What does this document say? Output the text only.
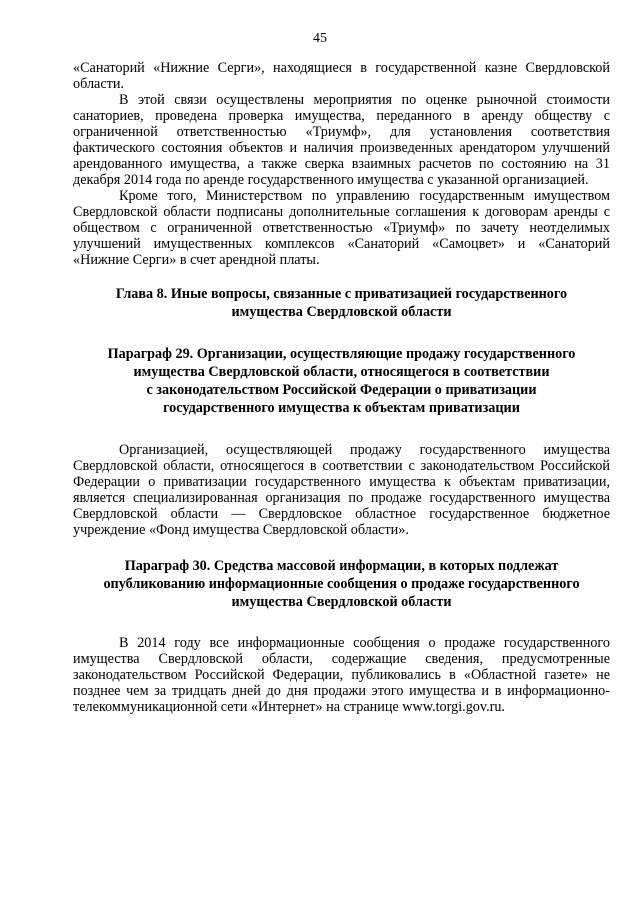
45

«Санаторий «Нижние Серги», находящиеся в государственной казне Свердловской области.

В этой связи осуществлены мероприятия по оценке рыночной стоимости санаториев, проведена проверка имущества, переданного в аренду обществу с ограниченной ответственностью «Триумф», для установления соответствия фактического состояния объектов и наличия произведенных арендатором улучшений арендованного имущества, а также сверка взаимных расчетов по состоянию на 31 декабря 2014 года по аренде государственного имущества с указанной организацией.

Кроме того, Министерством по управлению государственным имуществом Свердловской области подписаны дополнительные соглашения к договорам аренды с обществом с ограниченной ответственностью «Триумф» по зачету неотделимых улучшений имущественных комплексов «Санаторий «Самоцвет» и «Санаторий «Нижние Серги» в счет арендной платы.

Глава 8. Иные вопросы, связанные с приватизацией государственного
имущества Свердловской области
Параграф 29. Организации, осуществляющие продажу государственного
имущества Свердловской области, относящегося в соответствии
с законодательством Российской Федерации о приватизации
государственного имущества к объектам приватизации

Организацией, осуществляющей продажу государственного имущества Свердловской области, относящегося в соответствии с законодательством Российской Федерации о приватизации государственного имущества к объектам приватизации, является специализированная организация по продаже государственного имущества Свердловской области — Свердловское областное государственное бюджетное учреждение «Фонд имущества Свердловской области».

Параграф 30. Средства массовой информации, в которых подлежат
опубликованию информационные сообщения о продаже государственного
имущества Свердловской области

В 2014 году все информационные сообщения о продаже государственного имущества Свердловской области, содержащие сведения, предусмотренные законодательством Российской Федерации, публиковались в «Областной газете» не позднее чем за тридцать дней до дня продажи этого имущества и в информационно-телекоммуникационной сети «Интернет» на странице www.torgi.gov.ru.
